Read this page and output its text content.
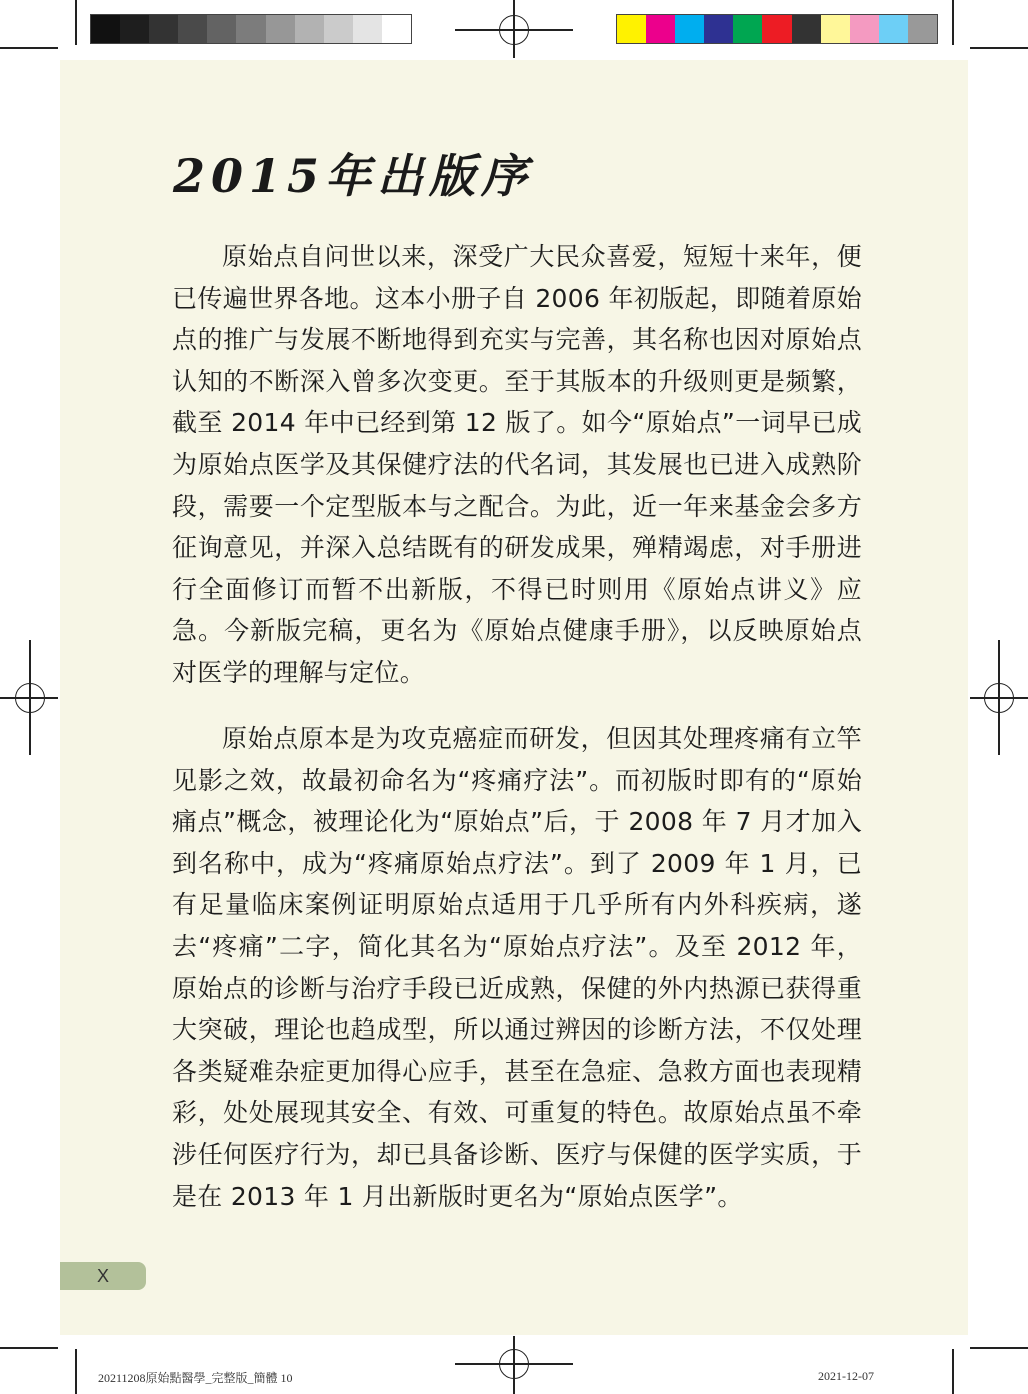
2015年出版序

原始点自问世以来，深受广大民众喜爱，短短十来年，便已传遍世界各地。这本小册子自 2006 年初版起，即随着原始点的推广与发展不断地得到充实与完善，其名称也因对原始点认知的不断深入曾多次变更。至于其版本的升级则更是频繁，截至 2014 年中已经到第 12 版了。如今“原始点”一词早已成为原始点医学及其保健疗法的代名词，其发展也已进入成熟阶段，需要一个定型版本与之配合。为此，近一年来基金会多方征询意见，并深入总结既有的研发成果，殚精竭虑，对手册进行全面修订而暂不出新版，不得已时则用《原始点讲义》应急。今新版完稿，更名为《原始点健康手册》，以反映原始点对医学的理解与定位。

原始点原本是为攻克癌症而研发，但因其处理疼痛有立竿见影之效，故最初命名为“疼痛疗法”。而初版时即有的“原始痛点”概念，被理论化为“原始点”后，于 2008 年 7 月才加入到名称中，成为“疼痛原始点疗法”。到了 2009 年 1 月，已有足量临床案例证明原始点适用于几乎所有内外科疾病，遂去“疼痛”二字，简化其名为“原始点疗法”。及至 2012 年，原始点的诊断与治疗手段已近成熟，保健的外内热源已获得重大突破，理论也趋成型，所以通过辨因的诊断方法，不仅处理各类疑难杂症更加得心应手，甚至在急症、急救方面也表现精彩，处处展现其安全、有效、可重复的特色。故原始点虽不牵涉任何医疗行为，却已具备诊断、医疗与保健的医学实质，于是在 2013 年 1 月出新版时更名为“原始点医学”。

X
20211208原始點醫學_完整版_簡體 10	2021-12-07
